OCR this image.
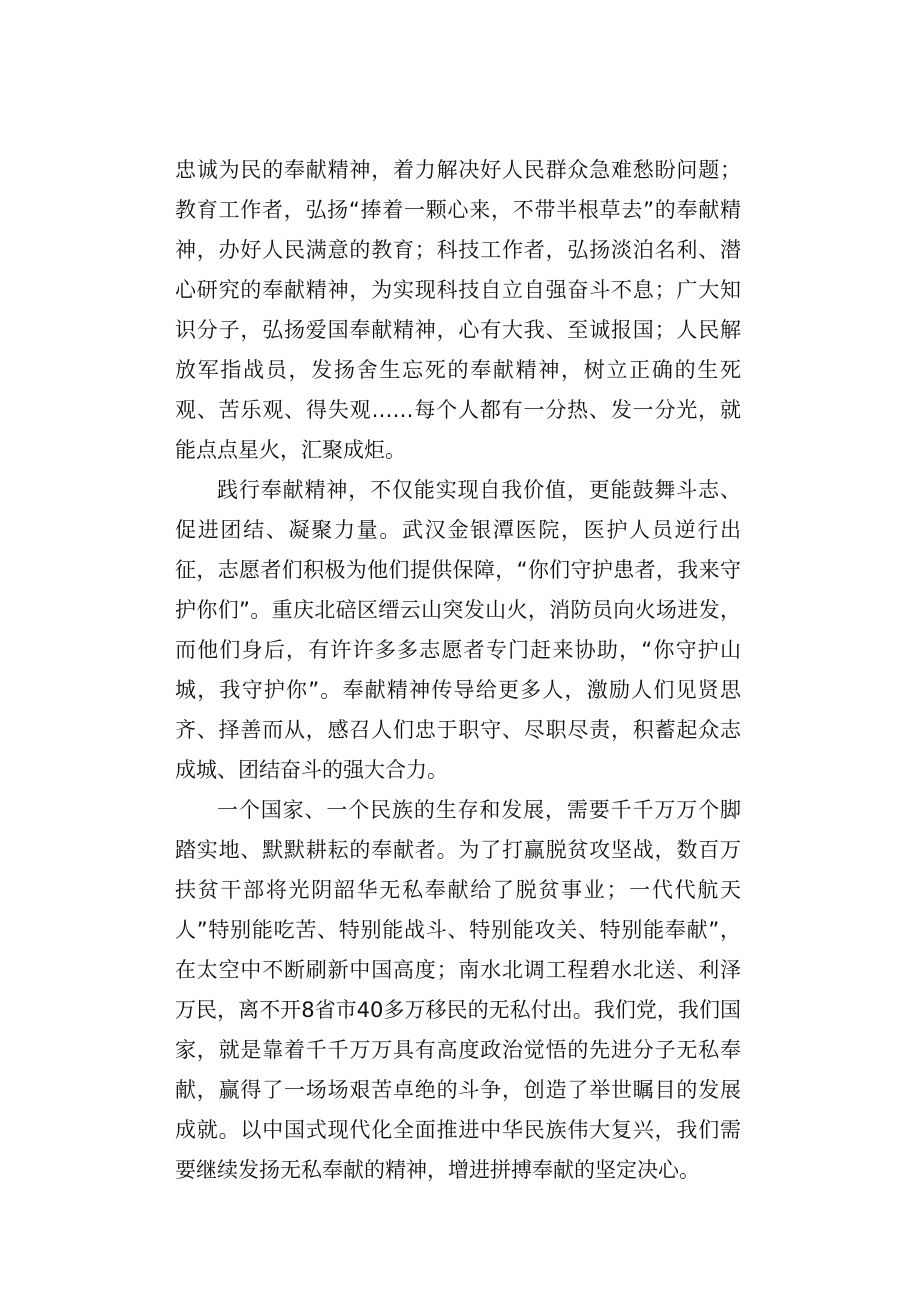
忠诚为民的奉献精神，着力解决好人民群众急难愁盼问题；教育工作者，弘扬“捧着一颗心来，不带半根草去”的奉献精神，办好人民满意的教育；科技工作者，弘扬淡泊名利、潜心研究的奉献精神，为实现科技自立自强奋斗不息；广大知识分子，弘扬爱国奉献精神，心有大我、至诚报国；人民解放军指战员，发扬舍生忘死的奉献精神，树立正确的生死观、苦乐观、得失观……每个人都有一分热、发一分光，就能点点星火，汇聚成炬。

践行奉献精神，不仅能实现自我价值，更能鼓舞斗志、促进团结、凝聚力量。武汉金银潭医院，医护人员逆行出征，志愿者们积极为他们提供保障，“你们守护患者，我来守护你们”。重庆北碚区缙云山突发山火，消防员向火场进发，而他们身后，有许许多多志愿者专门赶来协助，“你守护山城，我守护你”。奉献精神传导给更多人，激励人们见贤思齐、择善而从，感召人们忠于职守、尽职尽责，积蓄起众志成城、团结奋斗的强大合力。

一个国家、一个民族的生存和发展，需要千千万万个脚踏实地、默默耕耘的奉献者。为了打赢脱贫攻坚战，数百万扶贫干部将光阴韶华无私奉献给了脱贫事业；一代代航天人”特别能吃苦、特别能战斗、特别能攻关、特别能奉献”，在太空中不断刷新中国高度；南水北调工程碧水北送、利泽万民，离不开8省市40多万移民的无私付出。我们党，我们国家，就是靠着千千万万具有高度政治觉悟的先进分子无私奉献，赢得了一场场艰苦卓绝的斗争，创造了举世瞩目的发展成就。以中国式现代化全面推进中华民族伟大复兴，我们需要继续发扬无私奉献的精神，增进拼搏奉献的坚定决心。
